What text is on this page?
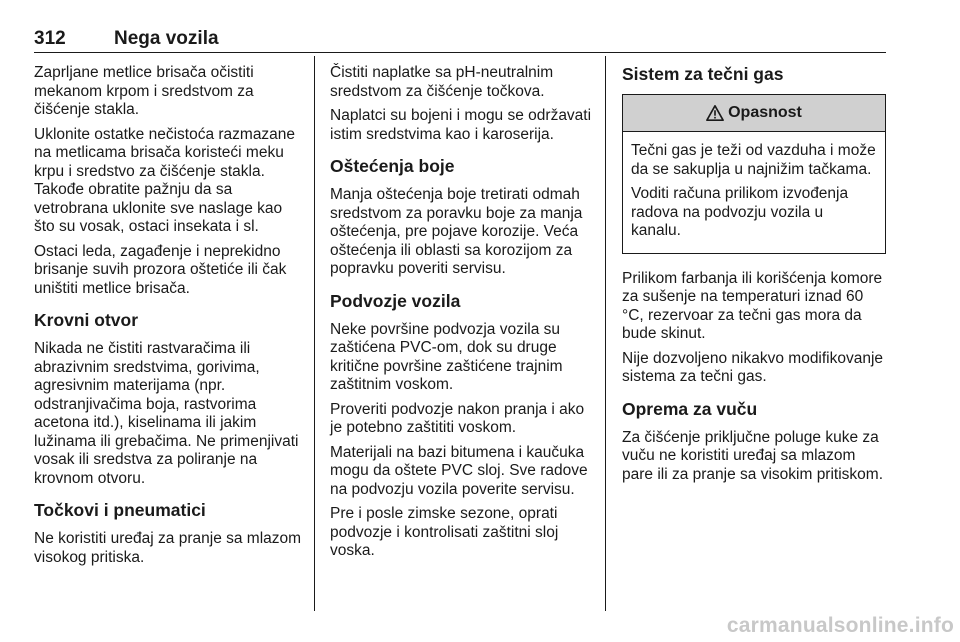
312	Nega vozila

Zaprljane metlice brisača očistiti mekanom krpom i sredstvom za čišćenje stakla.

Uklonite ostatke nečistoća razmazane na metlicama brisača koristeći meku krpu i sredstvo za čišćenje stakla. Takođe obratite pažnju da sa vetrobrana uklonite sve naslage kao što su vosak, ostaci insekata i sl.

Ostaci leda, zagađenje i neprekidno brisanje suvih prozora oštetiće ili čak uništiti metlice brisača.

Krovni otvor

Nikada ne čistiti rastvaračima ili abrazivnim sredstvima, gorivima, agresivnim materijama (npr. odstranjivačima boja, rastvorima acetona itd.), kiselinama ili jakim lužinama ili grebačima. Ne primenjivati vosak ili sredstva za poliranje na krovnom otvoru.

Točkovi i pneumatici

Ne koristiti uređaj za pranje sa mlazom visokog pritiska.

Čistiti naplatke sa pH-neutralnim sredstvom za čišćenje točkova.

Naplatci su bojeni i mogu se održavati istim sredstvima kao i karoserija.

Oštećenja boje

Manja oštećenja boje tretirati odmah sredstvom za poravku boje za manja oštećenja, pre pojave korozije. Veća oštećenja ili oblasti sa korozijom za popravku poveriti servisu.

Podvozje vozila

Neke površine podvozja vozila su zaštićena PVC-om, dok su druge kritične površine zaštićene trajnim zaštitnim voskom.

Proveriti podvozje nakon pranja i ako je potebno zaštititi voskom.

Materijali na bazi bitumena i kaučuka mogu da oštete PVC sloj. Sve radove na podvozju vozila poverite servisu.

Pre i posle zimske sezone, oprati podvozje i kontrolisati zaštitni sloj voska.

Sistem za tečni gas
Opasnost

Tečni gas je teži od vazduha i može da se sakuplja u najnižim tačkama.

Voditi računa prilikom izvođenja radova na podvozju vozila u kanalu.

Prilikom farbanja ili korišćenja komore za sušenje na temperaturi iznad 60 °C, rezervoar za tečni gas mora da bude skinut.

Nije dozvoljeno nikakvo modifikovanje sistema za tečni gas.

Oprema za vuču

Za čišćenje priključne poluge kuke za vuču ne koristiti uređaj sa mlazom pare ili za pranje sa visokim pritiskom.

carmanualsonline.info
